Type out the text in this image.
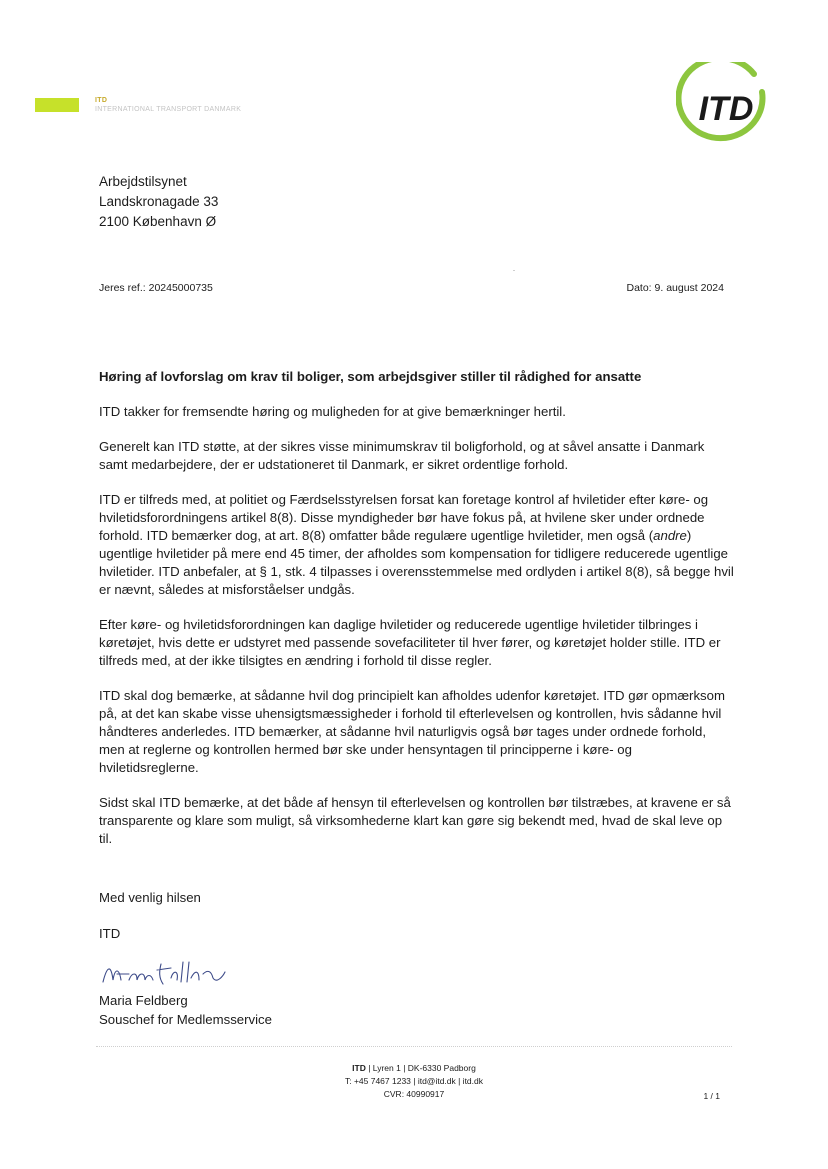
ITD
INTERNATIONAL TRANSPORT DANMARK	ITD
Arbejdstilsynet
Landskronagade 33
2100 København Ø
Jeres ref.: 20245000735	Dato: 9. august 2024
Høring af lovforslag om krav til boliger, som arbejdsgiver stiller til rådighed for ansatte

ITD takker for fremsendte høring og muligheden for at give bemærkninger hertil.

Generelt kan ITD støtte, at der sikres visse minimumskrav til boligforhold, og at såvel ansatte i Danmark samt medarbejdere, der er udstationeret til Danmark, er sikret ordentlige forhold.

ITD er tilfreds med, at politiet og Færdselsstyrelsen forsat kan foretage kontrol af hviletider efter køre- og hviletidsforordningens artikel 8(8). Disse myndigheder bør have fokus på, at hvilene sker under ordnede forhold. ITD bemærker dog, at art. 8(8) omfatter både regulære ugentlige hviletider, men også (andre) ugentlige hviletider på mere end 45 timer, der afholdes som kompensation for tidligere reducerede ugentlige hviletider. ITD anbefaler, at § 1, stk. 4 tilpasses i overensstemmelse med ordlyden i artikel 8(8), så begge hvil er nævnt, således at misforståelser undgås.

Efter køre- og hviletidsforordningen kan daglige hviletider og reducerede ugentlige hviletider tilbringes i køretøjet, hvis dette er udstyret med passende sovefaciliteter til hver fører, og køretøjet holder stille. ITD er tilfreds med, at der ikke tilsigtes en ændring i forhold til disse regler.

ITD skal dog bemærke, at sådanne hvil dog principielt kan afholdes udenfor køretøjet. ITD gør opmærksom på, at det kan skabe visse uhensigtsmæssigheder i forhold til efterlevelsen og kontrollen, hvis sådanne hvil håndteres anderledes. ITD bemærker, at sådanne hvil naturligvis også bør tages under ordnede forhold, men at reglerne og kontrollen hermed bør ske under hensyntagen til principperne i køre- og hviletidsreglerne.

Sidst skal ITD bemærke, at det både af hensyn til efterlevelsen og kontrollen bør tilstræbes, at kravene er så transparente og klare som muligt, så virksomhederne klart kan gøre sig bekendt med, hvad de skal leve op til.

Med venlig hilsen
ITD
Maria Feldberg
Souschef for Medlemsservice
ITD | Lyren 1 | DK-6330 Padborg
T: +45 7467 1233 | itd@itd.dk | itd.dk
CVR: 40990917	1 / 1
